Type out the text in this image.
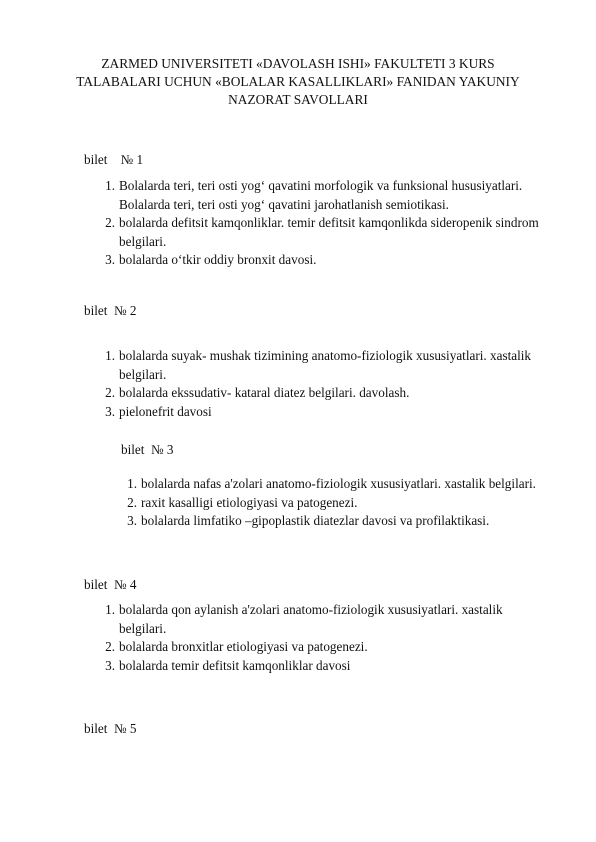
ZARMED UNIVERSITETI «DAVOLASH ISHI» FAKULTETI 3 KURS
TALABALARI UCHUN «BOLALAR KASALLIKLARI» FANIDAN YAKUNIY
NAZORAT SAVOLLARI
bilet    № 1
1. Bolalarda teri, teri osti yog‘ qavatini morfologik va funksional hususiyatlari. Bolalarda teri, teri osti yog‘ qavatini jarohatlanish semiotikasi.
2. bolalarda defitsit kamqonliklar. temir defitsit kamqonlikda sideropenik sindrom belgilari.
3. bolalarda o‘tkir oddiy bronxit davosi.
bilet  № 2
1. bolalarda suyak- mushak tizimining anatomo-fiziologik xususiyatlari. xastalik belgilari.
2. bolalarda ekssudativ- kataral diatez belgilari. davolash.
3. pielonefrit davosi
bilet  № 3
1. bolalarda nafas a'zolari anatomo-fiziologik xususiyatlari. xastalik belgilari.
2. raxit kasalligi etiologiyasi va patogenezi.
3. bolalarda limfatiko –gipoplastik diatezlar davosi va profilaktikasi.
bilet  № 4
1. bolalarda qon aylanish a'zolari anatomo-fiziologik xususiyatlari. xastalik belgilari.
2. bolalarda bronxitlar etiologiyasi va patogenezi.
3. bolalarda temir defitsit kamqonliklar davosi
bilet  № 5
